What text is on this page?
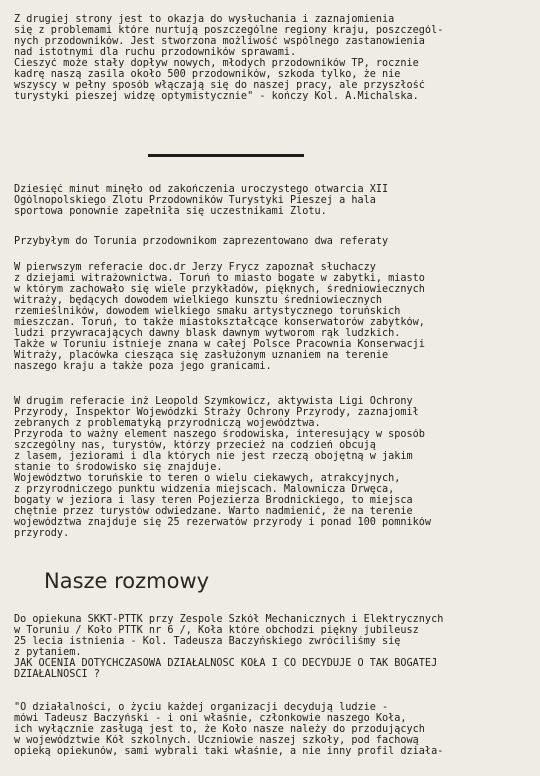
Z drugiej strony jest to okazja do wysłuchania i zaznajomienia
się z problemami które nurtują poszczególne regiony kraju, poszczegól-
nych przodowników. Jest stworzona możliwość wspólnego zastanowienia
nad istotnymi dla ruchu przodowników sprawami.
Cieszyć może stały dopływ nowych, młodych przodowników TP, rocznie
kadrę naszą zasila około 500 przodowników, szkoda tylko, że nie
wszyscy w pełny sposób włączają się do naszej pracy, ale przyszłość
turystyki pieszej widzę optymistycznie" - kończy Kol. A.Michalska.
Dziesięć minut minęło od zakończenia uroczystego otwarcia XII
Ogólnopolskiego Zlotu Przodowników Turystyki Pieszej a hala
sportowa ponownie zapełniła się uczestnikami Zlotu.
Przybyłym do Torunia przodownikom zaprezentowano dwa referaty
W pierwszym referacie doc.dr Jerzy Frycz zapoznał słuchaczy
z dziejami witrażownictwa. Toruń to miasto bogate w zabytki, miasto
w którym zachowało się wiele przykładów, pięknych, średniowiecznych
witraży, będących dowodem wielkiego kunsztu średniowiecznych
rzemieślników, dowodem wielkiego smaku artystycznego toruńskich
mieszczan. Toruń, to także miastokształcące konserwatorów zabytków,
ludzi przywracających dawny blask dawnym wytworom rąk ludzkich.
Także w Toruniu istnieje znana w całej Polsce Pracownia Konserwacji
Witraży, placówka ciesząca się zasłużonym uznaniem na terenie
naszego kraju a także poza jego granicami.
W drugim referacie inż Leopold Szymkowicz, aktywista Ligi Ochrony
Przyrody, Inspektor Wojewódzki Straży Ochrony Przyrody, zaznajomił
zebranych z problematyką przyrodniczą województwa.
Przyroda to ważny element naszego środowiska, interesujący w sposób
szczególny nas, turystów, którzy przecież na codzień obcują
z lasem, jeziorami i dla których nie jest rzeczą obojętną w jakim
stanie to środowisko się znajduje.
Województwo toruńskie to teren o wielu ciekawych, atrakcyjnych,
z przyrodniczego punktu widzenia miejscach. Malownicza Drwęca,
bogaty w jeziora i lasy teren Pojezierza Brodnickiego, to miejsca
chętnie przez turystów odwiedzane. Warto nadmienić, że na terenie
województwa znajduje się 25 rezerwatów przyrody i ponad 100 pomników
przyrody.
Nasze rozmowy
Do opiekuna SKKT-PTTK przy Zespole Szkół Mechanicznych i Elektrycznych
w Toruniu / Koło PTTK nr 6 /, Koła które obchodzi piękny jubileusz
25 lecia istnienia - Kol. Tadeusza Baczyńskiego zwróciliśmy się
z pytaniem.
JAK OCENIA DOTYCHCZASOWA DZIAŁALNOŚĆ KOŁA I CO DECYDUJE O TAK BOGATEJ
DZIAŁALNOŚCI ?
"O działalności, o życiu każdej organizacji decydują ludzie -
mówi Tadeusz Baczyński - i oni właśnie, członkowie naszego Koła,
ich wyłącznie zasługą jest to, że Koło nasze należy do przodujących
w województwie Kół szkolnych. Uczniowie naszej szkoły, pod fachową
opieką opiekunów, sami wybrali taki właśnie, a nie inny profil działa-
